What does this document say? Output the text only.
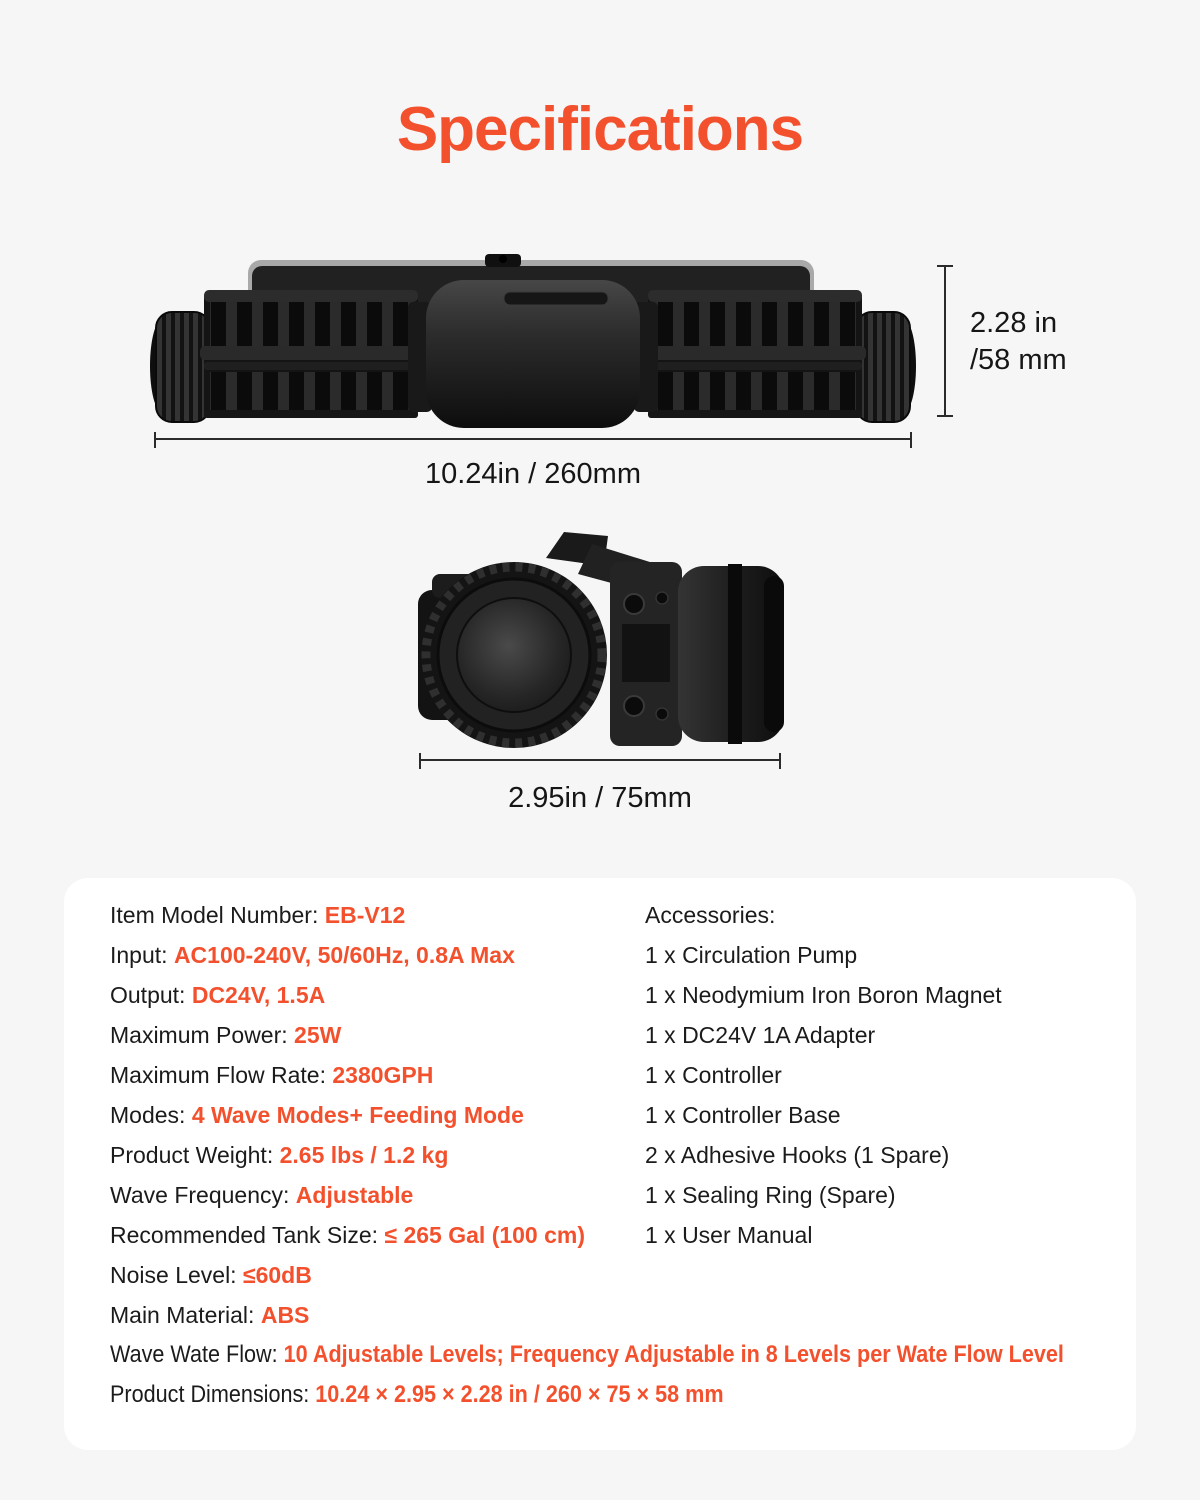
Specifications
2.28 in
/58 mm
10.24in / 260mm
2.95in / 75mm
Item Model Number: EB-V12
Input: AC100-240V, 50/60Hz, 0.8A Max
Output: DC24V, 1.5A
Maximum Power: 25W
Maximum Flow Rate: 2380GPH
Modes: 4 Wave Modes+ Feeding Mode
Product Weight: 2.65 lbs / 1.2 kg
Wave Frequency: Adjustable
Recommended Tank Size: ≤ 265 Gal (100 cm)
Noise Level: ≤60dB
Main Material: ABS
Accessories:
1 x Circulation Pump
1 x Neodymium Iron Boron Magnet
1 x DC24V 1A Adapter
1 x Controller
1 x Controller Base
2 x Adhesive Hooks (1 Spare)
1 x Sealing Ring (Spare)
1 x User Manual
Wave Wate Flow: 10 Adjustable Levels; Frequency Adjustable in 8 Levels per Wate Flow Level
Product Dimensions: 10.24 × 2.95 × 2.28 in / 260 × 75 × 58 mm
